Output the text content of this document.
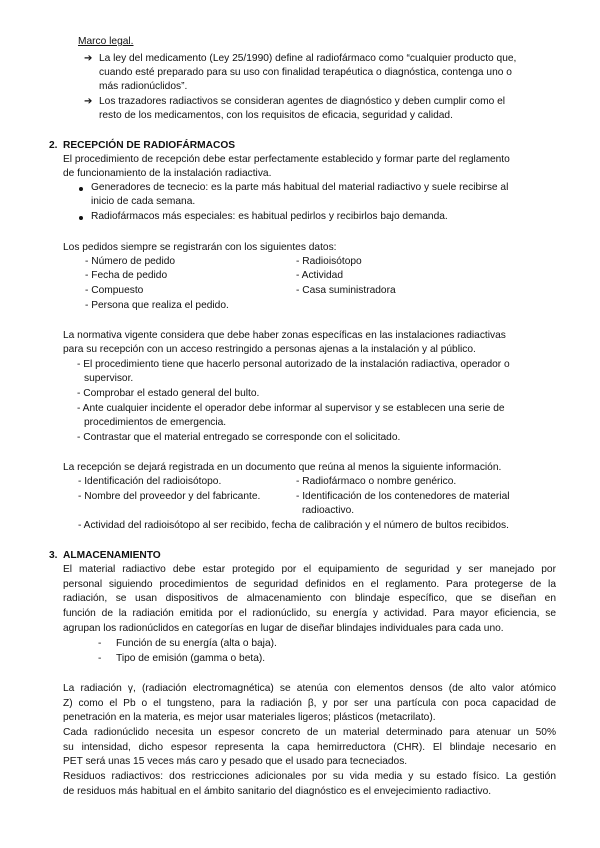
Marco legal.
➔ La ley del medicamento (Ley 25/1990) define al radiofármaco como “cualquier producto que,
cuando esté preparado para su uso con finalidad terapéutica o diagnóstica, contenga uno o
más radionúclidos”.
➔ Los trazadores radiactivos se consideran agentes de diagnóstico y deben cumplir como el
resto de los medicamentos, con los requisitos de eficacia, seguridad y calidad.
2. RECEPCIÓN DE RADIOFÁRMACOS
El procedimiento de recepción debe estar perfectamente establecido y formar parte del reglamento
de funcionamiento de la instalación radiactiva.
Generadores de tecnecio: es la parte más habitual del material radiactivo y suele recibirse al
inicio de cada semana.
Radiofármacos más especiales: es habitual pedirlos y recibirlos bajo demanda.
Los pedidos siempre se registrarán con los siguientes datos:
- Número de pedido
- Fecha de pedido
- Compuesto
- Persona que realiza el pedido.
- Radioisótopo
- Actividad
- Casa suministradora
La normativa vigente considera que debe haber zonas específicas en las instalaciones radiactivas
para su recepción con un acceso restringido a personas ajenas a la instalación y al público.
- El procedimiento tiene que hacerlo personal autorizado de la instalación radiactiva, operador o
supervisor.
- Comprobar el estado general del bulto.
- Ante cualquier incidente el operador debe informar al supervisor y se establecen una serie de
procedimientos de emergencia.
- Contrastar que el material entregado se corresponde con el solicitado.
La recepción se dejará registrada en un documento que reúna al menos la siguiente información.
- Identificación del radioisótopo.
- Nombre del proveedor y del fabricante.
- Radiofármaco o nombre genérico.
- Identificación de los contenedores de material
radioactivo.
- Actividad del radioisótopo al ser recibido, fecha de calibración y el número de bultos recibidos.
3. ALMACENAMIENTO
El material radiactivo debe estar protegido por el equipamiento de seguridad y ser manejado por
personal siguiendo procedimientos de seguridad definidos en el reglamento. Para protegerse de la
radiación, se usan dispositivos de almacenamiento con blindaje específico, que se diseñan en
función de la radiación emitida por el radionúclido, su energía y actividad. Para mayor eficiencia, se
agrupan los radionúclidos en categorías en lugar de diseñar blindajes individuales para cada uno.
- Función de su energía (alta o baja).
- Tipo de emisión (gamma o beta).
La radiación γ, (radiación electromagnética) se atenúa con elementos densos (de alto valor atómico
Z) como el Pb o el tungsteno, para la radiación β, y por ser una partícula con poca capacidad de
penetración en la materia, es mejor usar materiales ligeros; plásticos (metacrilato).
Cada radionúclido necesita un espesor concreto de un material determinado para atenuar un 50%
su intensidad, dicho espesor representa la capa hemirreductora (CHR). El blindaje necesario en
PET será unas 15 veces más caro y pesado que el usado para tecneciados.
Residuos radiactivos: dos restricciones adicionales por su vida media y su estado físico. La gestión
de residuos más habitual en el ámbito sanitario del diagnóstico es el envejecimiento radiactivo.
